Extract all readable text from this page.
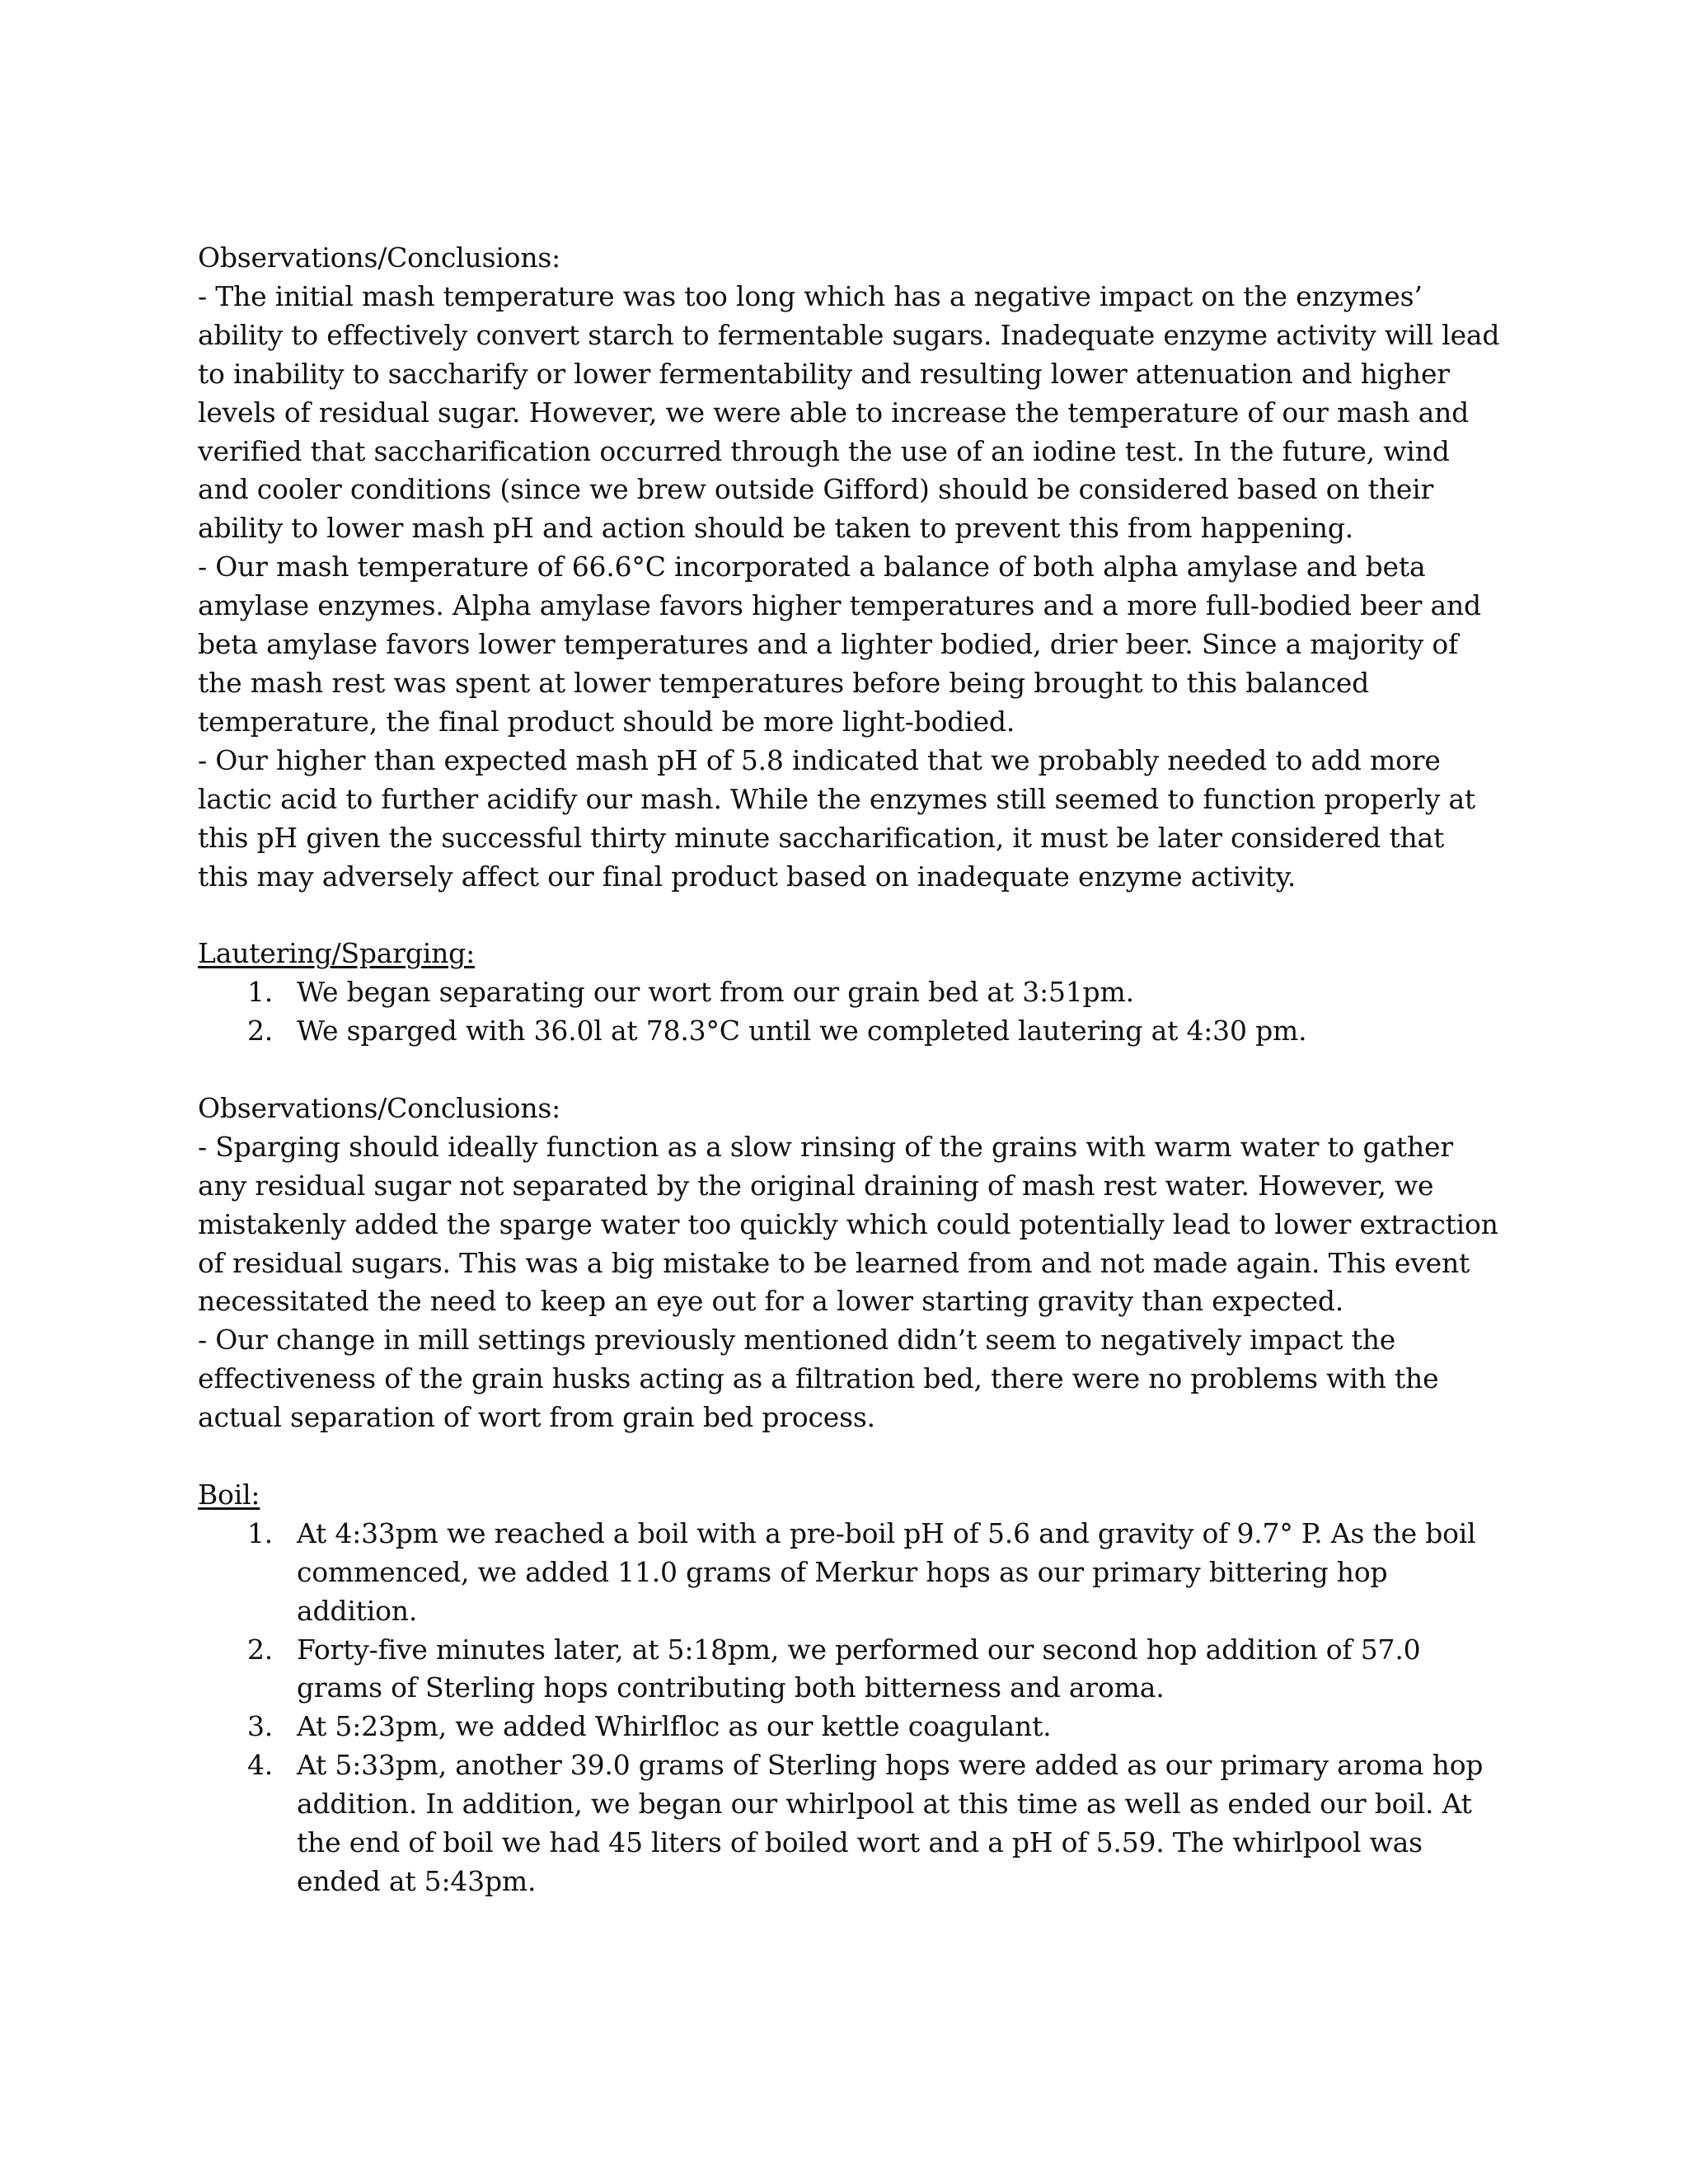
Observations/Conclusions:

- The initial mash temperature was too long which has a negative impact on the enzymes’ ability to effectively convert starch to fermentable sugars. Inadequate enzyme activity will lead to inability to saccharify or lower fermentability and resulting lower attenuation and higher levels of residual sugar. However, we were able to increase the temperature of our mash and verified that saccharification occurred through the use of an iodine test. In the future, wind and cooler conditions (since we brew outside Gifford) should be considered based on their ability to lower mash pH and action should be taken to prevent this from happening.

- Our mash temperature of 66.6°C incorporated a balance of both alpha amylase and beta amylase enzymes. Alpha amylase favors higher temperatures and a more full-bodied beer and beta amylase favors lower temperatures and a lighter bodied, drier beer. Since a majority of the mash rest was spent at lower temperatures before being brought to this balanced temperature, the final product should be more light-bodied.

- Our higher than expected mash pH of 5.8 indicated that we probably needed to add more lactic acid to further acidify our mash. While the enzymes still seemed to function properly at this pH given the successful thirty minute saccharification, it must be later considered that this may adversely affect our final product based on inadequate enzyme activity.

Lautering/Sparging:

1. We began separating our wort from our grain bed at 3:51pm.
2. We sparged with 36.0l at 78.3°C until we completed lautering at 4:30 pm.

Observations/Conclusions:

- Sparging should ideally function as a slow rinsing of the grains with warm water to gather any residual sugar not separated by the original draining of mash rest water. However, we mistakenly added the sparge water too quickly which could potentially lead to lower extraction of residual sugars. This was a big mistake to be learned from and not made again. This event necessitated the need to keep an eye out for a lower starting gravity than expected.

- Our change in mill settings previously mentioned didn’t seem to negatively impact the effectiveness of the grain husks acting as a filtration bed, there were no problems with the actual separation of wort from grain bed process.

Boil:

1. At 4:33pm we reached a boil with a pre-boil pH of 5.6 and gravity of 9.7° P. As the boil commenced, we added 11.0 grams of Merkur hops as our primary bittering hop addition.
2. Forty-five minutes later, at 5:18pm, we performed our second hop addition of 57.0 grams of Sterling hops contributing both bitterness and aroma.
3. At 5:23pm, we added Whirlfloc as our kettle coagulant.
4. At 5:33pm, another 39.0 grams of Sterling hops were added as our primary aroma hop addition. In addition, we began our whirlpool at this time as well as ended our boil. At the end of boil we had 45 liters of boiled wort and a pH of 5.59. The whirlpool was ended at 5:43pm.
